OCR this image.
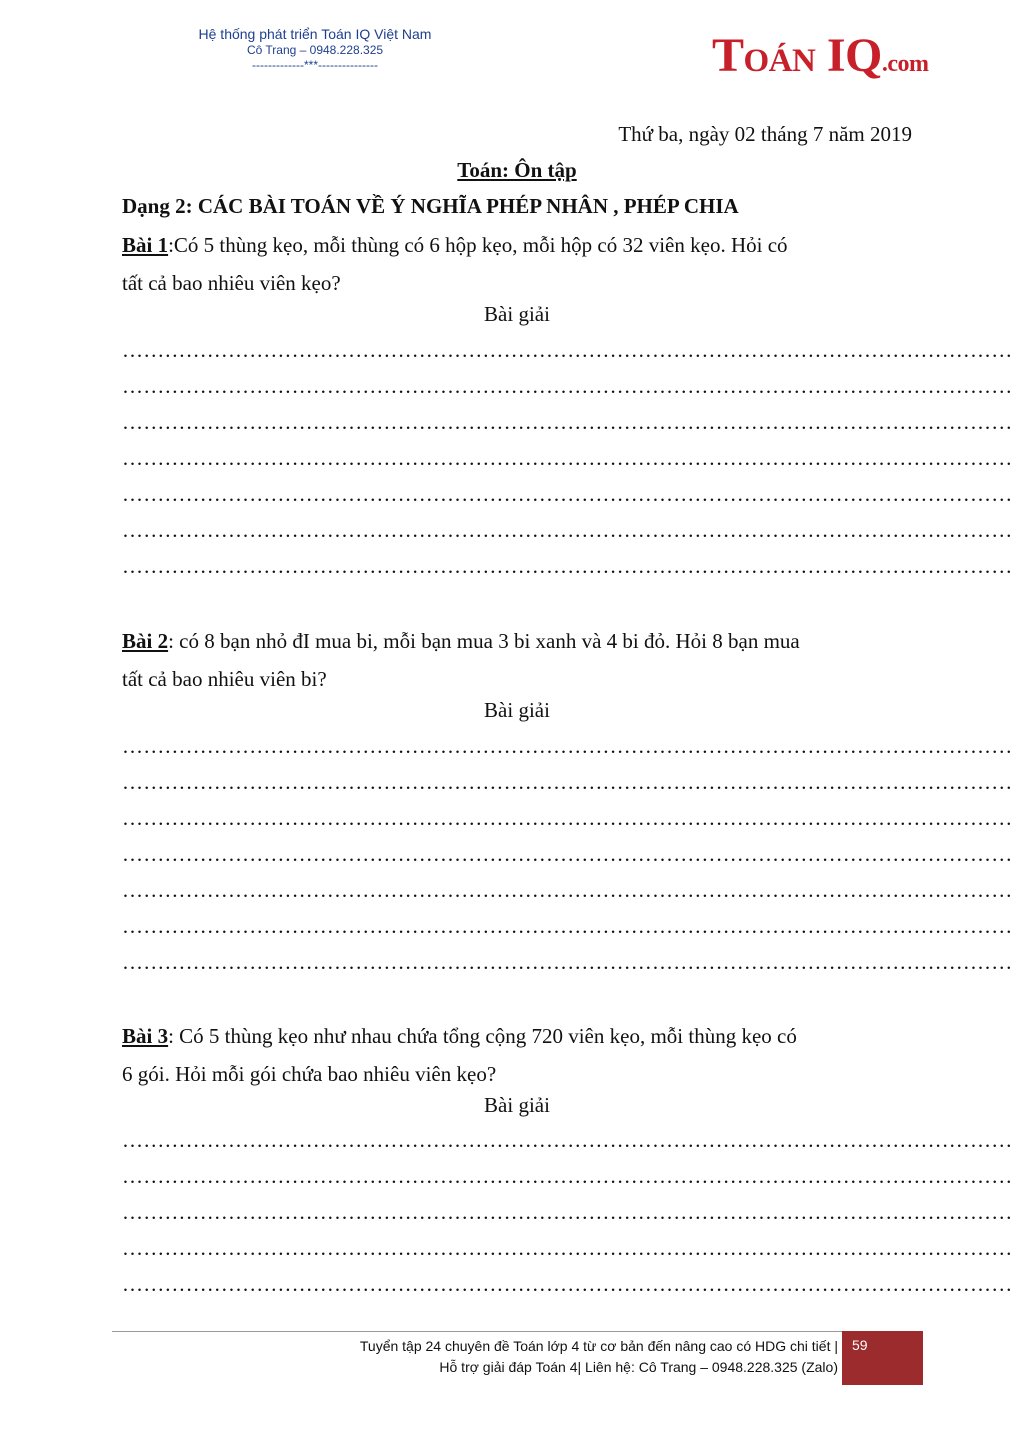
Hệ thống phát triển Toán IQ Việt Nam
Cô Trang – 0948.228.325
-------------***---------------	TOÁN IQ.com
Thứ ba, ngày 02 tháng 7 năm 2019
Toán: Ôn tập
Dạng 2: CÁC BÀI TOÁN VỀ Ý NGHĨA PHÉP NHÂN , PHÉP CHIA
Bài 1:Có 5 thùng kẹo, mỗi thùng có 6 hộp kẹo, mỗi hộp có 32 viên kẹo. Hỏi có
tất cả bao nhiêu viên kẹo?
Bài giải
………………………………………………………………………………………………………………
………………………………………………………………………………………………………………
………………………………………………………………………………………………………………
………………………………………………………………………………………………………………
………………………………………………………………………………………………………………
………………………………………………………………………………………………………………
………………………………………………………………………………………………………………
Bài 2: có 8 bạn nhỏ đI mua bi, mỗi bạn mua 3 bi xanh và 4 bi đỏ. Hỏi 8 bạn mua
tất cả bao nhiêu viên bi?
Bài giải
………………………………………………………………………………………………………………
………………………………………………………………………………………………………………
………………………………………………………………………………………………………………
………………………………………………………………………………………………………………
………………………………………………………………………………………………………………
………………………………………………………………………………………………………………
………………………………………………………………………………………………………………
Bài 3: Có 5 thùng kẹo như nhau chứa tổng cộng 720 viên kẹo, mỗi thùng kẹo có
6 gói. Hỏi mỗi gói chứa bao nhiêu viên kẹo?
Bài giải
………………………………………………………………………………………………………………
………………………………………………………………………………………………………………
………………………………………………………………………………………………………………
………………………………………………………………………………………………………………
………………………………………………………………………………………………………………
Tuyển tập 24 chuyên đề Toán lớp 4 từ cơ bản đến nâng cao có HDG chi tiết |
Hỗ trợ giải đáp Toán 4| Liên hệ: Cô Trang – 0948.228.325 (Zalo)
59
